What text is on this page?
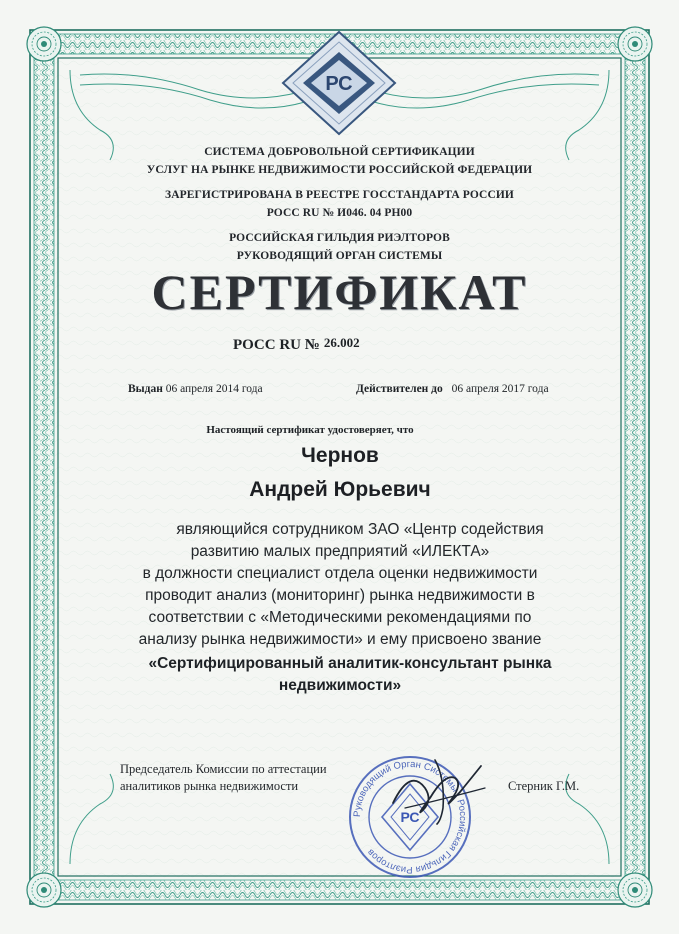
РС
СИСТЕМА ДОБРОВОЛЬНОЙ СЕРТИФИКАЦИИ
УСЛУГ НА РЫНКЕ НЕДВИЖИМОСТИ РОССИЙСКОЙ ФЕДЕРАЦИИ
ЗАРЕГИСТРИРОВАНА В РЕЕСТРЕ ГОССТАНДАРТА РОССИИ
РОСС RU № И046. 04 РН00
РОССИЙСКАЯ ГИЛЬДИЯ РИЭЛТОРОВ
РУКОВОДЯЩИЙ ОРГАН СИСТЕМЫ
СЕРТИФИКАТ
РОСС RU № 26.002
Выдан 06 апреля 2014 года	Действителен до 06 апреля 2017 года
Настоящий сертификат удостоверяет, что
Чернов
Андрей Юрьевич
являющийся сотрудником ЗАО «Центр содействия
развитию малых предприятий «ИЛЕКТА»
в должности специалист отдела оценки недвижимости
проводит анализ (мониторинг) рынка недвижимости в
соответствии с «Методическими рекомендациями по
анализу рынка недвижимости» и ему присвоено звание
«Сертифицированный аналитик-консультант рынка
недвижимости»
Председатель Комиссии по аттестации
аналитиков рынка недвижимости	Стерник Г.М.
Руководящий Орган Системы · Российская Гильдия Риэлторов
РС
